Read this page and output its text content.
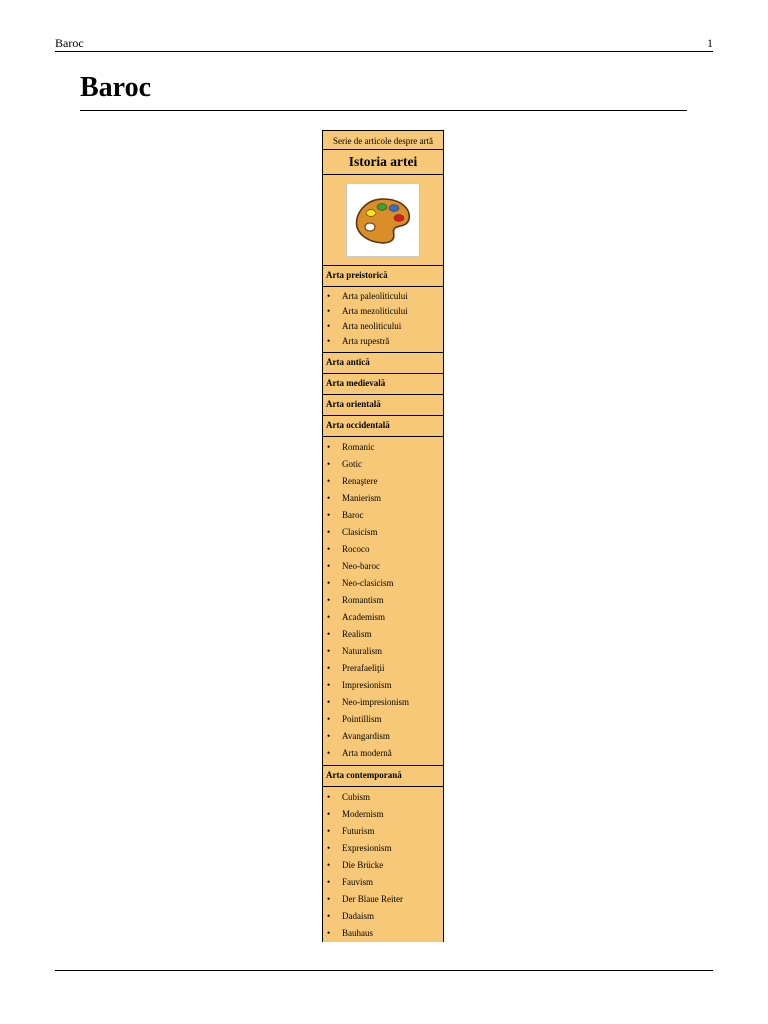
Baroc	1
Baroc
Serie de articole despre artă
Istoria artei
Arta preistorică
• Arta paleoliticului
• Arta mezoliticului
• Arta neoliticului
• Arta rupestră
Arta antică
Arta medievală
Arta orientală
Arta occidentală
• Romanic
• Gotic
• Renaştere
• Manierism
• Baroc
• Clasicism
• Rococo
• Neo-baroc
• Neo-clasicism
• Romantism
• Academism
• Realism
• Naturalism
• Prerafaeliţii
• Impresionism
• Neo-impresionism
• Pointillism
• Avangardism
• Arta modernă
Arta contemporană
• Cubism
• Modernism
• Futurism
• Expresionism
• Die Brücke
• Fauvism
• Der Blaue Reiter
• Dadaism
• Bauhaus
